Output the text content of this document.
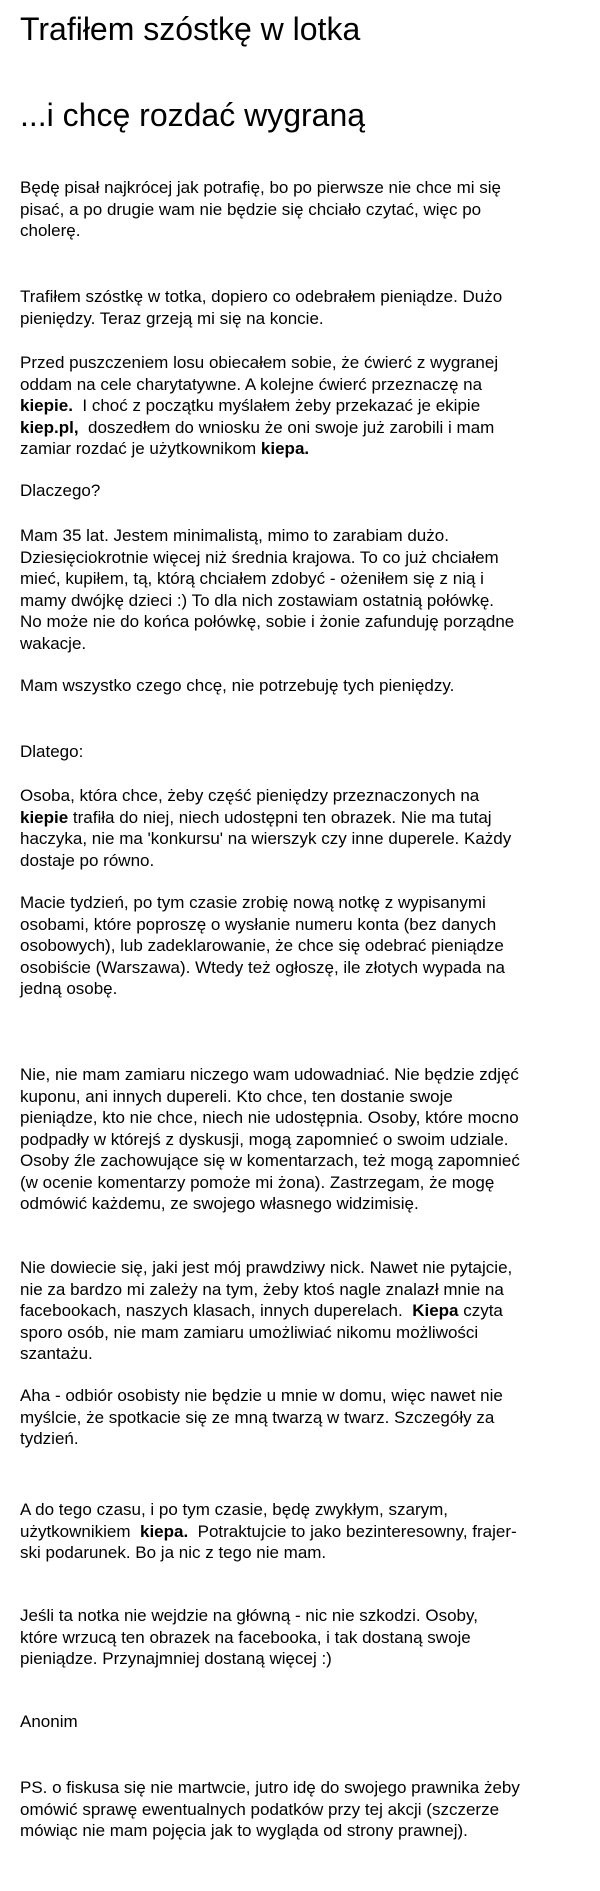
Trafiłem szóstkę w lotka
...i chcę rozdać wygraną

Będę pisał najkrócej jak potrafię, bo po pierwsze nie chce mi się
pisać, a po drugie wam nie będzie się chciało czytać, więc po
cholerę.

Trafiłem szóstkę w totka, dopiero co odebrałem pieniądze. Dużo
pieniędzy. Teraz grzeją mi się na koncie.

Przed puszczeniem losu obiecałem sobie, że ćwierć z wygranej
oddam na cele charytatywne. A kolejne ćwierć przeznaczę na
kiepie.  I choć z początku myślałem żeby przekazać je ekipie
kiep.pl,  doszedłem do wniosku że oni swoje już zarobili i mam
zamiar rozdać je użytkownikom kiepa.

Dlaczego?

Mam 35 lat. Jestem minimalistą, mimo to zarabiam dużo.
Dziesięciokrotnie więcej niż średnia krajowa. To co już chciałem
mieć, kupiłem, tą, którą chciałem zdobyć - ożeniłem się z nią i
mamy dwójkę dzieci :) To dla nich zostawiam ostatnią połówkę.
No może nie do końca połówkę, sobie i żonie zafunduję porządne
wakacje.

Mam wszystko czego chcę, nie potrzebuję tych pieniędzy.

Dlatego:

Osoba, która chce, żeby część pieniędzy przeznaczonych na
kiepie trafiła do niej, niech udostępni ten obrazek. Nie ma tutaj
haczyka, nie ma 'konkursu' na wierszyk czy inne duperele. Każdy
dostaje po równo.

Macie tydzień, po tym czasie zrobię nową notkę z wypisanymi
osobami, które poproszę o wysłanie numeru konta (bez danych
osobowych), lub zadeklarowanie, że chce się odebrać pieniądze
osobiście (Warszawa). Wtedy też ogłoszę, ile złotych wypada na
jedną osobę.

Nie, nie mam zamiaru niczego wam udowadniać. Nie będzie zdjęć
kuponu, ani innych dupereli. Kto chce, ten dostanie swoje
pieniądze, kto nie chce, niech nie udostępnia. Osoby, które mocno
podpadły w którejś z dyskusji, mogą zapomnieć o swoim udziale.
Osoby źle zachowujące się w komentarzach, też mogą zapomnieć
(w ocenie komentarzy pomoże mi żona). Zastrzegam, że mogę
odmówić każdemu, ze swojego własnego widzimisię.

Nie dowiecie się, jaki jest mój prawdziwy nick. Nawet nie pytajcie,
nie za bardzo mi zależy na tym, żeby ktoś nagle znalazł mnie na
facebookach, naszych klasach, innych duperelach.  Kiepa czyta
sporo osób, nie mam zamiaru umożliwiać nikomu możliwości
szantażu.

Aha - odbiór osobisty nie będzie u mnie w domu, więc nawet nie
myślcie, że spotkacie się ze mną twarzą w twarz. Szczegóły za
tydzień.

A do tego czasu, i po tym czasie, będę zwykłym, szarym,
użytkownikiem  kiepa.  Potraktujcie to jako bezinteresowny, frajer-
ski podarunek. Bo ja nic z tego nie mam.

Jeśli ta notka nie wejdzie na główną - nic nie szkodzi. Osoby,
które wrzucą ten obrazek na facebooka, i tak dostaną swoje
pieniądze. Przynajmniej dostaną więcej :)

Anonim

PS. o fiskusa się nie martwcie, jutro idę do swojego prawnika żeby
omówić sprawę ewentualnych podatków przy tej akcji (szczerze
mówiąc nie mam pojęcia jak to wygląda od strony prawnej).
